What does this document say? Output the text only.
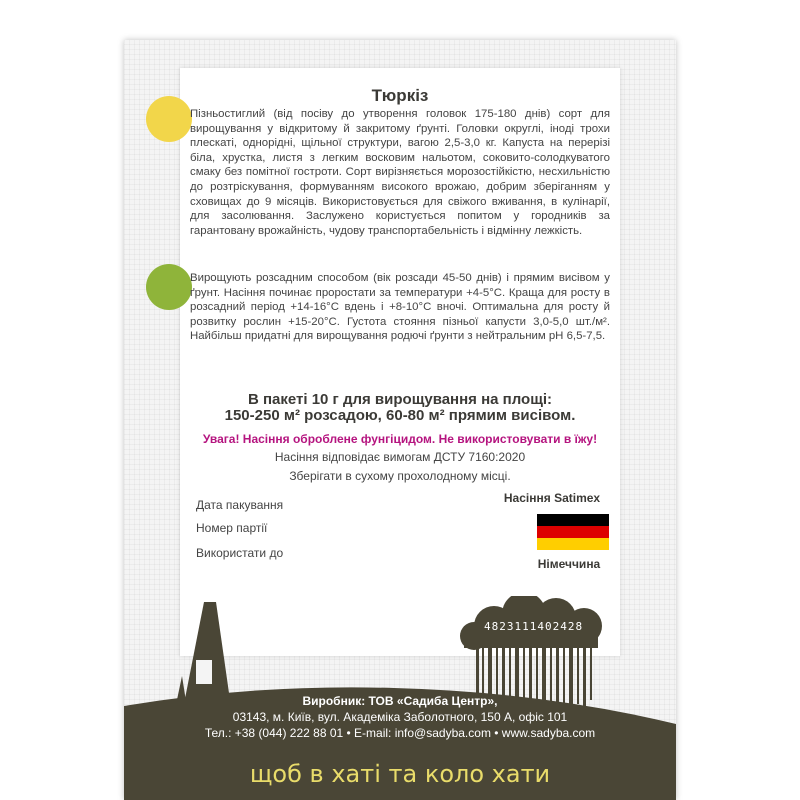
Тюркіз

Пізньостиглий (від посіву до утворення головок 175-180 днів) сорт для вирощування у відкритому й закритому ґрунті. Головки округлі, іноді трохи плескаті, однорідні, щільної структури, вагою 2,5-3,0 кг. Капуста на перерізі біла, хрустка, листя з легким восковим нальотом, соковито-солодкуватого смаку без помітної гостроти. Сорт вирізняється морозостійкістю, несхильністю до розтріскування, формуванням високого врожаю, добрим зберіганням у сховищах до 9 місяців. Використовується для свіжого вживання, в кулінарії, для засолювання. Заслужено користується попитом у городників за гарантовану врожайність, чудову транспортабельність і відмінну лежкість.

Вирощують розсадним способом (вік розсади 45-50 днів) і прямим висівом у ґрунт. Насіння починає проростати за температури +4-5°С. Краща для росту в розсадний період +14-16°С вдень і +8-10°С вночі. Оптимальна для росту й розвитку рослин +15-20°С. Густота стояння пізньої капусти 3,0-5,0 шт./м². Найбільш придатні для вирощування родючі ґрунти з нейтральним pH 6,5-7,5.

В пакеті 10 г для вирощування на площі:
150-250 м² розсадою, 60-80 м² прямим висівом.
Увага! Насіння оброблене фунгіцидом. Не використовувати в їжу!
Насіння відповідає вимогам ДСТУ 7160:2020
Зберігати в сухому прохолодному місці.
Дата пакування
Номер партії
Використати до
Насіння Satimex
Німеччина
4823111402428
Виробник: ТОВ «Садиба Центр»,
03143, м. Київ, вул. Академіка Заболотного, 150 А, офіс 101
Тел.: +38 (044) 222 88 01 • E-mail: info@sadyba.com • www.sadyba.com
щоб в хаті та коло хати
